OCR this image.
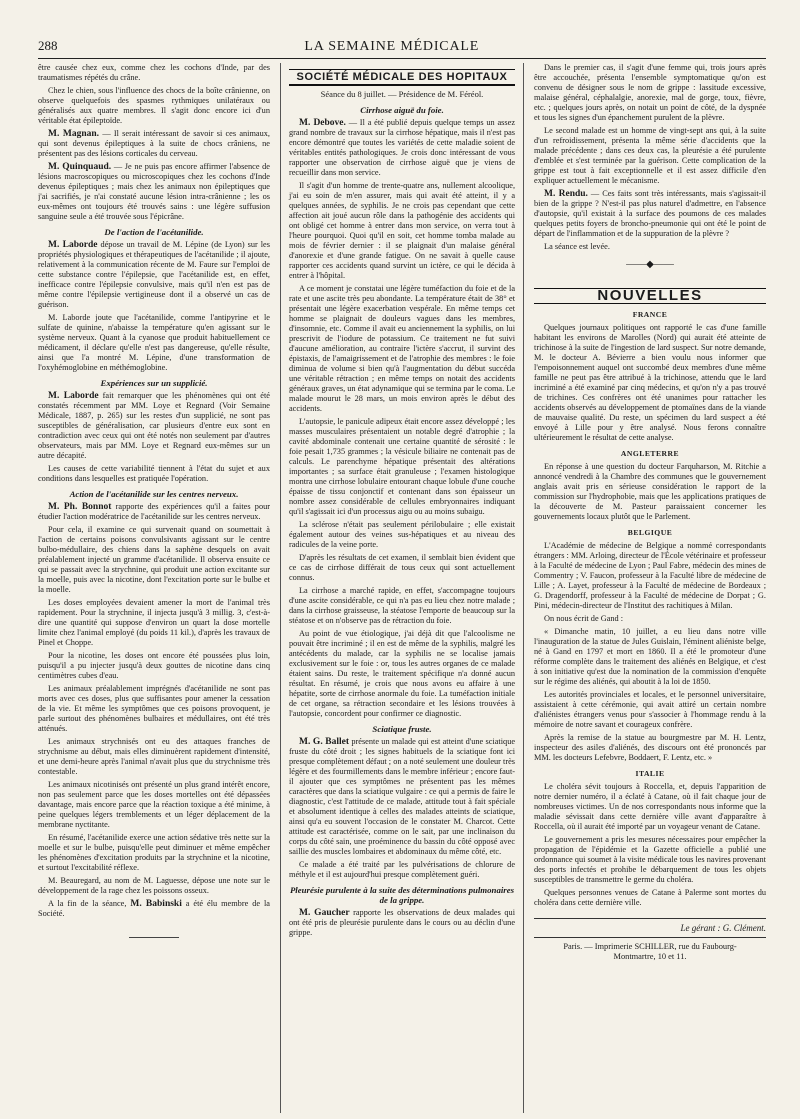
288	LA SEMAINE MÉDICALE

être causée chez eux, comme chez les cochons d'Inde, par des traumatismes répétés du crâne.

Chez le chien, sous l'influence des chocs de la boîte crânienne, on observe quelquefois des spasmes rythmiques unilatéraux ou généralisés aux quatre membres. Il s'agit donc encore ici d'un véritable état épileptoïde.

M. Magnan. — Il serait intéressant de savoir si ces animaux, qui sont devenus épileptiques à la suite de chocs crâniens, ne présentent pas des lésions corticales du cerveau.

M. Quinquaud. — Je ne puis pas encore affirmer l'absence de lésions macroscopiques ou microscopiques chez les cochons d'Inde devenus épileptiques ; mais chez les animaux non épileptiques que j'ai sacrifiés, je n'ai constaté aucune lésion intra-crânienne ; les os eux-mêmes ont toujours été trouvés sains : une légère suffusion sanguine seule a été trouvée sous l'épicrâne.

De l'action de l'acétanilide.

M. Laborde dépose un travail de M. Lépine (de Lyon) sur les propriétés physiologiques et thérapeutiques de l'acétanilide ; il ajoute, relativement à la communication récente de M. Faure sur l'emploi de cette substance contre l'épilepsie, que l'acétanilide est, en effet, inefficace contre l'épilepsie convulsive, mais qu'il n'en est pas de même contre l'épilepsie vertigineuse dont il a observé un cas de guérison.

M. Laborde joute que l'acétanilide, comme l'antipyrine et le sulfate de quinine, n'abaisse la température qu'en agissant sur le système nerveux. Quant à la cyanose que produit habituellement ce médicament, il déclare qu'elle n'est pas dangereuse, qu'elle résulte, ainsi que l'a montré M. Lépine, d'une transformation de l'oxyhémoglobine en méthémoglobine.

Expériences sur un supplicié.

M. Laborde fait remarquer que les phénomènes qui ont été constatés récemment par MM. Loye et Regnard (Voir Semaine Médicale, 1887, p. 265) sur les restes d'un supplicié, ne sont pas susceptibles de généralisation, car plusieurs d'entre eux sont en contradiction avec ceux qui ont été notés non seulement par d'autres observateurs, mais par MM. Loye et Regnard eux-mêmes sur un autre décapité.

Les causes de cette variabilité tiennent à l'état du sujet et aux conditions dans lesquelles est pratiquée l'opération.

Action de l'acétanilide sur les centres nerveux.

M. Ph. Bonnot rapporte des expériences qu'il a faites pour étudier l'action modératrice de l'acétanilide sur les centres nerveux.

Pour cela, il examine ce qui survenait quand on soumettait à l'action de certains poisons convulsivants agissant sur le centre bulbo-médullaire, des chiens dans la saphène desquels on avait préalablement injecté un gramme d'acétanilide. Il observa ensuite ce qui se passait avec la strychnine, qui produit une action excitante sur la moelle, puis avec la nicotine, dont l'excitation porte sur le bulbe et la moelle.

Les doses employées devaient amener la mort de l'animal très rapidement. Pour la strychnine, il injecta jusqu'à 3 millig. 3, c'est-à-dire une quantité qui suppose d'environ un quart la dose mortelle limite chez l'animal employé (du poids 11 kil.), d'après les travaux de Pinel et Choppe.

Pour la nicotine, les doses ont encore été poussées plus loin, puisqu'il a pu injecter jusqu'à deux gouttes de nicotine dans cinq centimètres cubes d'eau.

Les animaux préalablement imprégnés d'acétanilide ne sont pas morts avec ces doses, plus que suffisantes pour amener la cessation de la vie. Et même les symptômes que ces poisons provoquent, je parle surtout des phénomènes bulbaires et médullaires, ont été très atténués.

Les animaux strychnisés ont eu des attaques franches de strychnisme au début, mais elles diminuèrent rapidement d'intensité, et une demi-heure après l'animal n'avait plus que du strychnisme très contestable.

Les animaux nicotinisés ont présenté un plus grand intérêt encore, non pas seulement parce que les doses mortelles ont été dépassées davantage, mais encore parce que la réaction toxique a été minime, à peine quelques légers tremblements et un léger déplacement de la membrane nyctitante.

En résumé, l'acétanilide exerce une action sédative très nette sur la moelle et sur le bulbe, puisqu'elle peut diminuer et même empêcher les phénomènes d'excitation produits par la strychnine et la nicotine, et surtout l'excitabilité réflexe.

M. Beauregard, au nom de M. Laguesse, dépose une note sur le développement de la rage chez les poissons osseux.

A la fin de la séance, M. Babinski a été élu membre de la Société.

SOCIÉTÉ MÉDICALE DES HOPITAUX
Séance du 8 juillet. — Présidence de M. Féréol.
Cirrhose aiguë du foie.

M. Debove. — Il a été publié depuis quelque temps un assez grand nombre de travaux sur la cirrhose hépatique, mais il n'est pas encore démontré que toutes les variétés de cette maladie soient de véritables entités pathologiques. Je crois donc intéressant de vous rapporter une observation de cirrhose aiguë que je viens de recueillir dans mon service.

Il s'agit d'un homme de trente-quatre ans, nullement alcoolique, j'ai eu soin de m'en assurer, mais qui avait été atteint, il y a quelques années, de syphilis. Je ne crois pas cependant que cette affection ait joué aucun rôle dans la pathogénie des accidents qui ont obligé cet homme à entrer dans mon service, on verra tout à l'heure pourquoi. Quoi qu'il en soit, cet homme tomba malade au mois de février dernier : il se plaignait d'un malaise général d'anorexie et d'une grande fatigue. On ne savait à quelle cause rapporter ces accidents quand survint un ictère, ce qui le décida à entrer à l'hôpital.

A ce moment je constatai une légère tuméfaction du foie et de la rate et une ascite très peu abondante. La température était de 38° et présentait une légère exacerbation vespérale. En même temps cet homme se plaignait de douleurs vagues dans les membres, d'insomnie, etc. Comme il avait eu anciennement la syphilis, on lui prescrivit de l'iodure de potassium. Ce traitement ne fut suivi d'aucune amélioration, au contraire l'ictère s'accrut, il survint des épistaxis, de l'amaigrissement et de l'atrophie des membres : le foie diminua de volume si bien qu'à l'augmentation du début succéda une véritable rétraction ; en même temps on notait des accidents généraux graves, un état adynamique qui se termina par le coma. Le malade mourut le 28 mars, un mois environ après le début des accidents.

L'autopsie, le panicule adipeux était encore assez développé ; les masses musculaires présentaient un notable degré d'atrophie ; la cavité abdominale contenait une certaine quantité de sérosité : le foie pesait 1,735 grammes ; la vésicule biliaire ne contenait pas de calculs. Le parenchyme hépatique présentait des altérations importantes ; sa surface était granuleuse ; l'examen histologique montra une cirrhose lobulaire entourant chaque lobule d'une couche épaisse de tissu conjonctif et contenant dans son épaisseur un nombre assez considérable de cellules embryonnaires indiquant qu'il s'agissait ici d'un processus aigu ou au moins subaigu.

La sclérose n'était pas seulement périlobulaire ; elle existait également autour des veines sus-hépatiques et au niveau des radicules de la veine porte.

D'après les résultats de cet examen, il semblait bien évident que ce cas de cirrhose différait de tous ceux qui sont actuellement connus.

La cirrhose a marché rapide, en effet, s'accompagne toujours d'une ascite considérable, ce qui n'a pas eu lieu chez notre malade ; dans la cirrhose graisseuse, la stéatose l'emporte de beaucoup sur la stéatose et on n'observe pas de rétraction du foie.

Au point de vue étiologique, j'ai déjà dit que l'alcoolisme ne pouvait être incriminé ; il en est de même de la syphilis, malgré les antécédents du malade, car la syphilis ne se localise jamais exclusivement sur le foie : or, tous les autres organes de ce malade étaient sains. Du reste, le traitement spécifique n'a donné aucun résultat. En résumé, je crois que nous avons eu affaire à une hépatite, sorte de cirrhose anormale du foie. La tuméfaction initiale de cet organe, sa rétraction secondaire et les lésions trouvées à l'autopsie, concordent pour confirmer ce diagnostic.

Sciatique fruste.

M. G. Ballet présente un malade qui est atteint d'une sciatique fruste du côté droit ; les signes habituels de la sciatique font ici presque complètement défaut ; on a noté seulement une douleur très légère et des fourmillements dans le membre inférieur ; encore faut-il ajouter que ces symptômes ne présentent pas les mêmes caractères que dans la sciatique vulgaire : ce qui a permis de faire le diagnostic, c'est l'attitude de ce malade, attitude tout à fait spéciale et absolument identique à celles des malades atteints de sciatique, ainsi qu'a eu souvent l'occasion de le constater M. Charcot. Cette attitude est caractérisée, comme on le sait, par une inclinaison du corps du côté sain, une proéminence du bassin du côté opposé avec saillie des muscles lombaires et abdominaux du même côté, etc.

Ce malade a été traité par les pulvérisations de chlorure de méthyle et il est aujourd'hui presque complètement guéri.

Pleurésie purulente à la suite des déterminations pulmonaires de la grippe.

M. Gaucher rapporte les observations de deux malades qui ont été pris de pleurésie purulente dans le cours ou au déclin d'une grippe.

Dans le premier cas, il s'agit d'une femme qui, trois jours après être accouchée, présenta l'ensemble symptomatique qu'on est convenu de désigner sous le nom de grippe : lassitude excessive, malaise général, céphalalgie, anorexie, mal de gorge, toux, fièvre, etc. ; quelques jours après, on notait un point de côté, de la dyspnée et tous les signes d'un épanchement purulent de la plèvre.

Le second malade est un homme de vingt-sept ans qui, à la suite d'un refroidissement, présenta la même série d'accidents que la malade précédente ; dans ces deux cas, la pleurésie a été purulente d'emblée et s'est terminée par la guérison. Cette complication de la grippe est tout à fait exceptionnelle et il est assez difficile d'en expliquer actuellement le mécanisme.

M. Rendu. — Ces faits sont très intéressants, mais s'agissait-il bien de la grippe ? N'est-il pas plus naturel d'admettre, en l'absence d'autopsie, qu'il existait à la surface des poumons de ces malades quelques petits foyers de broncho-pneumonie qui ont été le point de départ de l'inflammation et de la suppuration de la plèvre ?

La séance est levée.

——◆——
NOUVELLES
FRANCE

Quelques journaux politiques ont rapporté le cas d'une famille habitant les environs de Marolles (Nord) qui aurait été atteinte de trichinose à la suite de l'ingestion de lard suspect. Sur notre demande, M. le docteur A. Bévierre a bien voulu nous informer que l'empoisonnement auquel ont succombé deux membres d'une même famille ne peut pas être attribué à la trichinose, attendu que le lard incriminé a été examiné par cinq médecins, et qu'on n'y a pas trouvé de trichines. Ces confrères ont été unanimes pour rattacher les accidents observés au développement de ptomaïnes dans de la viande de mauvaise qualité. Du reste, un spécimen du lard suspect a été envoyé à Lille pour y être analysé. Nous ferons connaître ultérieurement le résultat de cette analyse.

ANGLETERRE

En réponse à une question du docteur Farquharson, M. Ritchie a annoncé vendredi à la Chambre des communes que le gouvernement anglais avait pris en sérieuse considération le rapport de la commission sur l'hydrophobie, mais que les applications pratiques de la découverte de M. Pasteur paraissaient concerner les gouvernements locaux plutôt que le Parlement.

BELGIQUE

L'Académie de médecine de Belgique a nommé correspondants étrangers : MM. Arloing, directeur de l'École vétérinaire et professeur à la Faculté de médecine de Lyon ; Paul Fabre, médecin des mines de Commentry ; V. Faucon, professeur à la Faculté libre de médecine de Lille ; A. Layet, professeur à la Faculté de médecine de Bordeaux ; G. Dragendorff, professeur à la Faculté de médecine de Dorpat ; G. Pini, médecin-directeur de l'Institut des rachitiques à Milan.

On nous écrit de Gand :

« Dimanche matin, 10 juillet, a eu lieu dans notre ville l'inauguration de la statue de Jules Guislain, l'éminent aliéniste belge, né à Gand en 1797 et mort en 1860. Il a été le promoteur d'une réforme complète dans le traitement des aliénés en Belgique, et c'est à son initiative qu'est due la nomination de la commission d'enquête sur le régime des aliénés, qui aboutit à la loi de 1850.

Les autorités provinciales et locales, et le personnel universitaire, assistaient à cette cérémonie, qui avait attiré un certain nombre d'aliénistes étrangers venus pour s'associer à l'hommage rendu à la mémoire de notre savant et courageux confrère.

Après la remise de la statue au bourgmestre par M. H. Lentz, inspecteur des asiles d'aliénés, des discours ont été prononcés par MM. les docteurs Lefebvre, Boddaert, F. Lentz, etc. »

ITALIE

Le choléra sévit toujours à Roccella, et, depuis l'apparition de notre dernier numéro, il a éclaté à Catane, où il fait chaque jour de nombreuses victimes. Un de nos correspondants nous informe que la maladie sévissait dans cette dernière ville avant d'apparaître à Roccella, où il aurait été importé par un voyageur venant de Catane.

Le gouvernement a pris les mesures nécessaires pour empêcher la propagation de l'épidémie et la Gazette officielle a publié une ordonnance qui soumet à la visite médicale tous les navires provenant des ports infectés et prohibe le débarquement de tous les objets susceptibles de transmettre le germe du choléra.

Quelques personnes venues de Catane à Palerme sont mortes du choléra dans cette dernière ville.

Le gérant : G. Clément.
Paris. — Imprimerie SCHILLER, rue du Faubourg-
Montmartre, 10 et 11.
